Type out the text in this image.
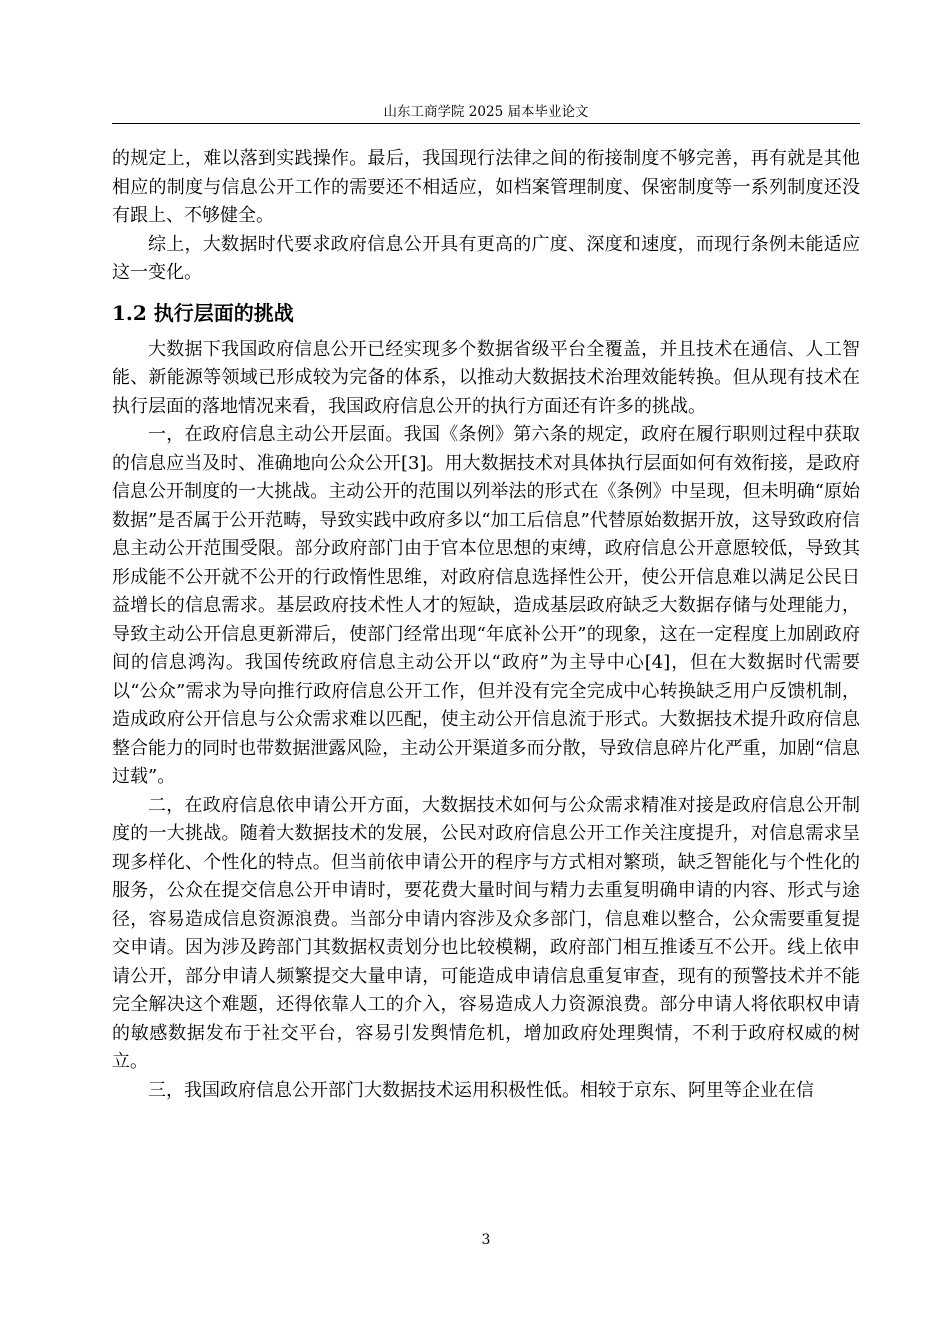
山东工商学院 2025 届本毕业论文

的规定上，难以落到实践操作。最后，我国现行法律之间的衔接制度不够完善，再有就是其他相应的制度与信息公开工作的需要还不相适应，如档案管理制度、保密制度等一系列制度还没有跟上、不够健全。

综上，大数据时代要求政府信息公开具有更高的广度、深度和速度，而现行条例未能适应这一变化。

1.2 执行层面的挑战

大数据下我国政府信息公开已经实现多个数据省级平台全覆盖，并且技术在通信、人工智能、新能源等领域已形成较为完备的体系，以推动大数据技术治理效能转换。但从现有技术在执行层面的落地情况来看，我国政府信息公开的执行方面还有许多的挑战。

一，在政府信息主动公开层面。我国《条例》第六条的规定，政府在履行职则过程中获取的信息应当及时、准确地向公众公开[3]。用大数据技术对具体执行层面如何有效衔接，是政府信息公开制度的一大挑战。主动公开的范围以列举法的形式在《条例》中呈现，但未明确“原始数据”是否属于公开范畴，导致实践中政府多以“加工后信息”代替原始数据开放，这导致政府信息主动公开范围受限。部分政府部门由于官本位思想的束缚，政府信息公开意愿较低，导致其形成能不公开就不公开的行政惰性思维，对政府信息选择性公开，使公开信息难以满足公民日益增长的信息需求。基层政府技术性人才的短缺，造成基层政府缺乏大数据存储与处理能力，导致主动公开信息更新滞后，使部门经常出现“年底补公开”的现象，这在一定程度上加剧政府间的信息鸿沟。我国传统政府信息主动公开以“政府”为主导中心[4]，但在大数据时代需要以“公众”需求为导向推行政府信息公开工作，但并没有完全完成中心转换缺乏用户反馈机制，造成政府公开信息与公众需求难以匹配，使主动公开信息流于形式。大数据技术提升政府信息整合能力的同时也带数据泄露风险，主动公开渠道多而分散，导致信息碎片化严重，加剧“信息过载”。

二，在政府信息依申请公开方面，大数据技术如何与公众需求精准对接是政府信息公开制度的一大挑战。随着大数据技术的发展，公民对政府信息公开工作关注度提升，对信息需求呈现多样化、个性化的特点。但当前依申请公开的程序与方式相对繁琐，缺乏智能化与个性化的服务，公众在提交信息公开申请时，要花费大量时间与精力去重复明确申请的内容、形式与途径，容易造成信息资源浪费。当部分申请内容涉及众多部门，信息难以整合，公众需要重复提交申请。因为涉及跨部门其数据权责划分也比较模糊，政府部门相互推诿互不公开。线上依申请公开，部分申请人频繁提交大量申请，可能造成申请信息重复审查，现有的预警技术并不能完全解决这个难题，还得依靠人工的介入，容易造成人力资源浪费。部分申请人将依职权申请的敏感数据发布于社交平台，容易引发舆情危机，增加政府处理舆情，不利于政府权威的树立。

三，我国政府信息公开部门大数据技术运用积极性低。相较于京东、阿里等企业在信

3
